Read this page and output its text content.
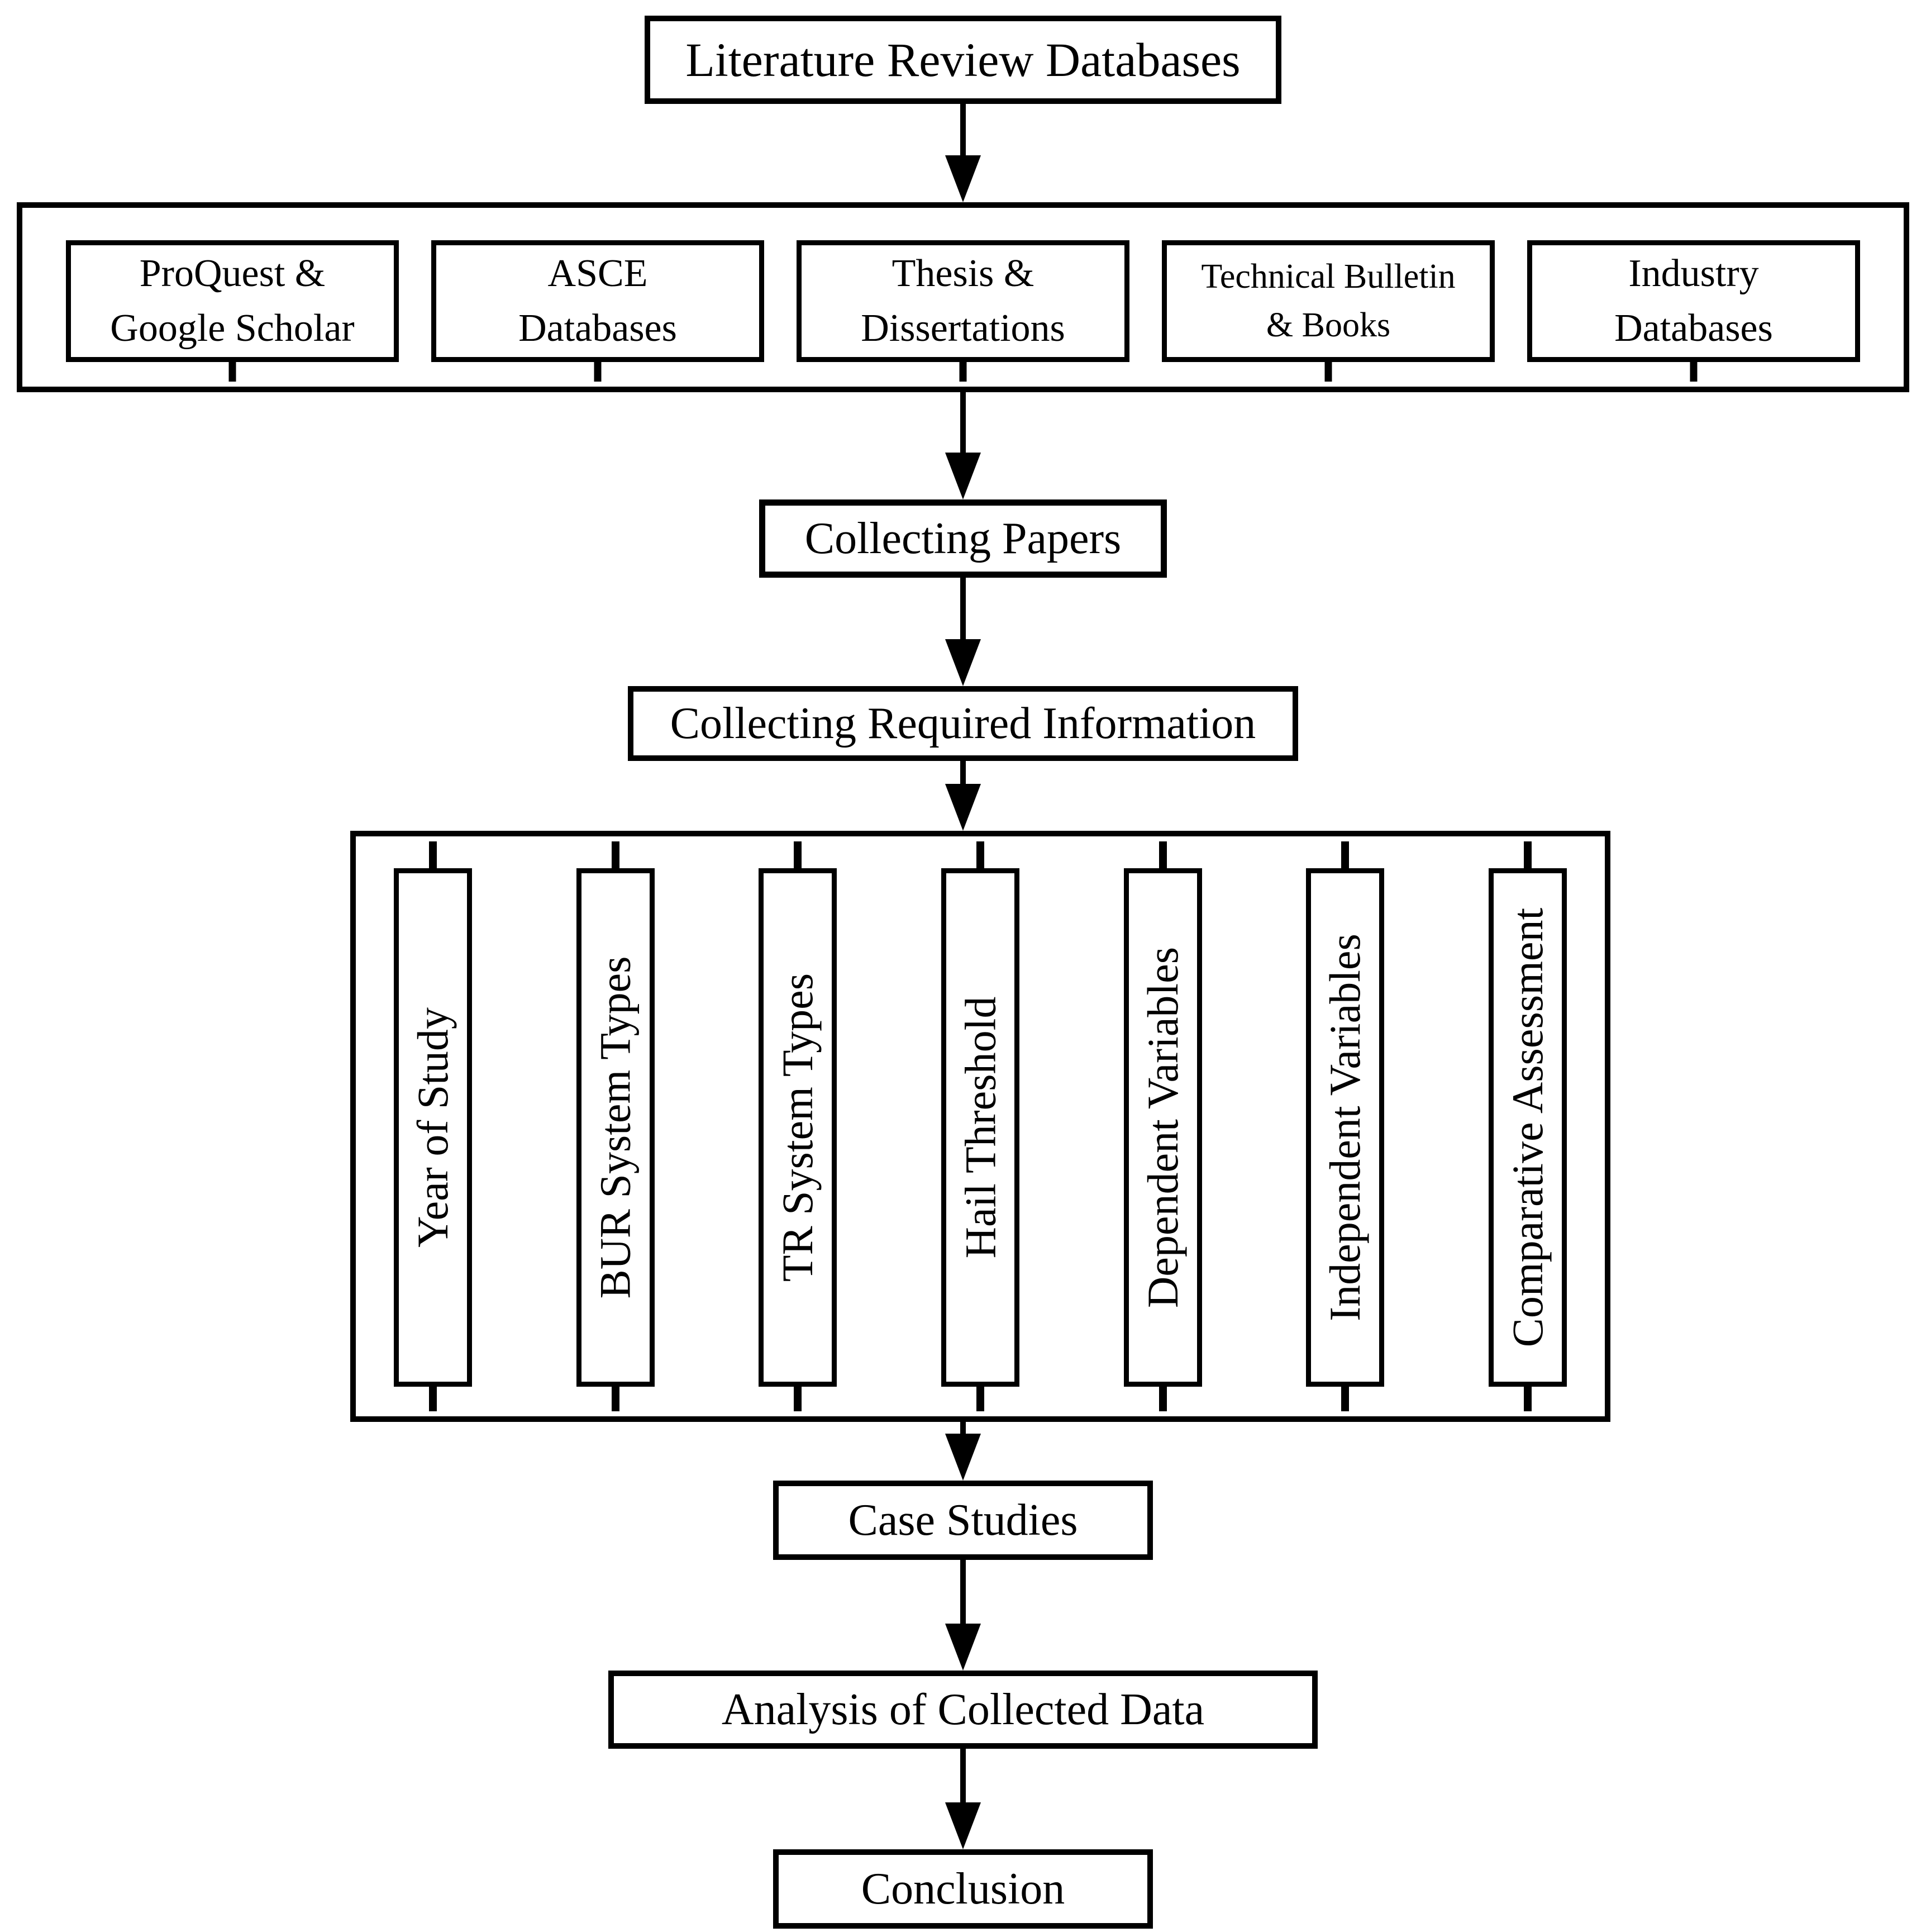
Literature Review Databases
ProQuest &
Google Scholar
ASCE
Databases
Thesis &
Dissertations
Technical Bulletin
& Books
Industry
Databases
Collecting Papers
Collecting Required Information
Year of Study	BUR System Types	TR System Types	Hail Threshold	Dependent Variables	Independent Variables	Comparative Assessment
Case Studies
Analysis of Collected Data
Conclusion
